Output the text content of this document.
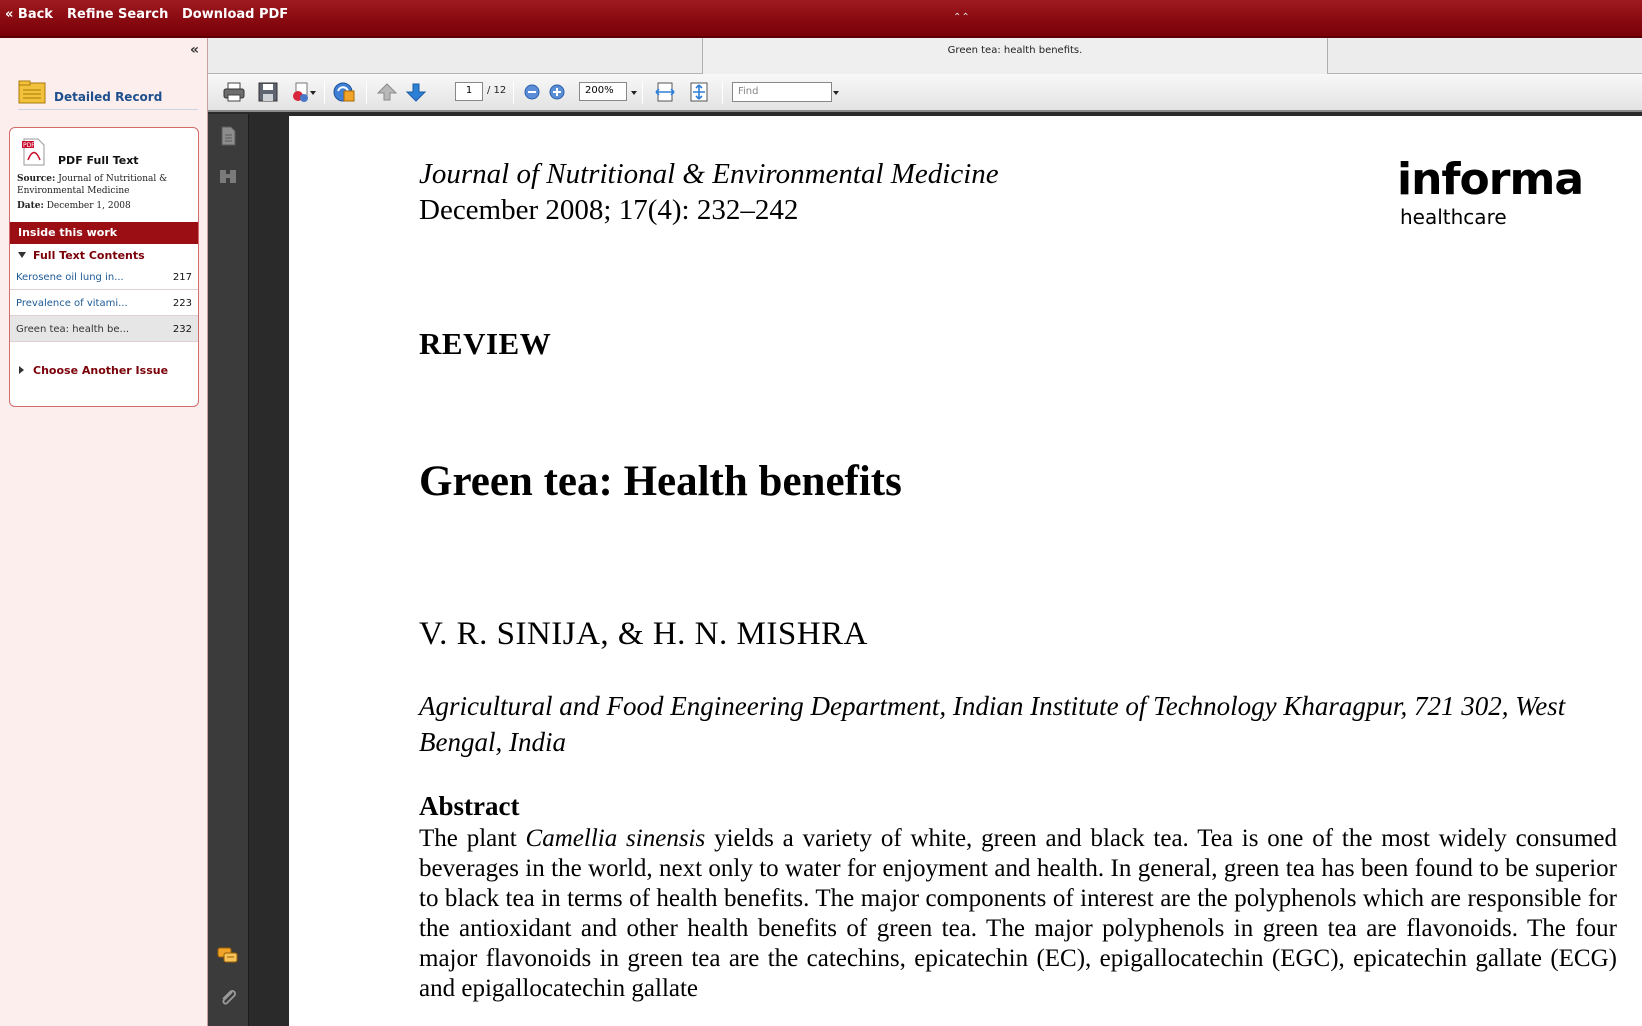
« Back Refine Search Download PDF	⌃⌃
«
Detailed Record
PDF
PDF Full Text
Source: Journal of Nutritional & Environmental Medicine
Date: December 1, 2008
Inside this work
Full Text Contents
Kerosene oil lung in...	217
Prevalence of vitami...	223
Green tea: health be...	232
Choose Another Issue
Green tea: health benefits.
1	/ 12	200%	Find
Journal of Nutritional & Environmental Medicine
December 2008; 17(4): 232–242
informa
healthcare
REVIEW
Green tea: Health benefits
V. R. SINIJA, & H. N. MISHRA
Agricultural and Food Engineering Department, Indian Institute of Technology Kharagpur, 721 302, West Bengal, India
Abstract
The plant Camellia sinensis yields a variety of white, green and black tea. Tea is one of the most widely consumed beverages in the world, next only to water for enjoyment and health. In general, green tea has been found to be superior to black tea in terms of health benefits. The major components of interest are the polyphenols which are responsible for the antioxidant and other health benefits of green tea. The major polyphenols in green tea are flavonoids. The four major flavonoids in green tea are the catechins, epicatechin (EC), epigallocatechin (EGC), epicatechin gallate (ECG) and epigallocatechin gallate
